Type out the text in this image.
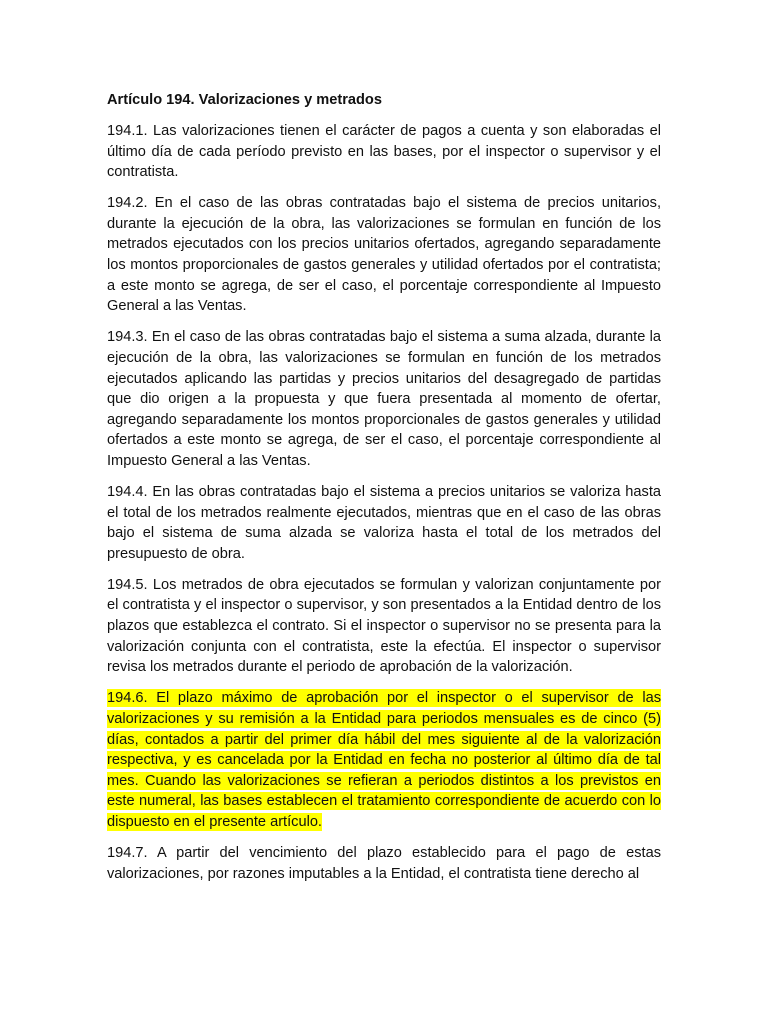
Artículo 194. Valorizaciones y metrados

194.1. Las valorizaciones tienen el carácter de pagos a cuenta y son elaboradas el último día de cada período previsto en las bases, por el inspector o supervisor y el contratista.

194.2. En el caso de las obras contratadas bajo el sistema de precios unitarios, durante la ejecución de la obra, las valorizaciones se formulan en función de los metrados ejecutados con los precios unitarios ofertados, agregando separadamente los montos proporcionales de gastos generales y utilidad ofertados por el contratista; a este monto se agrega, de ser el caso, el porcentaje correspondiente al Impuesto General a las Ventas.

194.3. En el caso de las obras contratadas bajo el sistema a suma alzada, durante la ejecución de la obra, las valorizaciones se formulan en función de los metrados ejecutados aplicando las partidas y precios unitarios del desagregado de partidas que dio origen a la propuesta y que fuera presentada al momento de ofertar, agregando separadamente los montos proporcionales de gastos generales y utilidad ofertados a este monto se agrega, de ser el caso, el porcentaje correspondiente al Impuesto General a las Ventas.

194.4. En las obras contratadas bajo el sistema a precios unitarios se valoriza hasta el total de los metrados realmente ejecutados, mientras que en el caso de las obras bajo el sistema de suma alzada se valoriza hasta el total de los metrados del presupuesto de obra.

194.5. Los metrados de obra ejecutados se formulan y valorizan conjuntamente por el contratista y el inspector o supervisor, y son presentados a la Entidad dentro de los plazos que establezca el contrato. Si el inspector o supervisor no se presenta para la valorización conjunta con el contratista, este la efectúa. El inspector o supervisor revisa los metrados durante el periodo de aprobación de la valorización.

194.6. El plazo máximo de aprobación por el inspector o el supervisor de las valorizaciones y su remisión a la Entidad para periodos mensuales es de cinco (5) días, contados a partir del primer día hábil del mes siguiente al de la valorización respectiva, y es cancelada por la Entidad en fecha no posterior al último día de tal mes. Cuando las valorizaciones se refieran a periodos distintos a los previstos en este numeral, las bases establecen el tratamiento correspondiente de acuerdo con lo dispuesto en el presente artículo.

194.7. A partir del vencimiento del plazo establecido para el pago de estas valorizaciones, por razones imputables a la Entidad, el contratista tiene derecho al
